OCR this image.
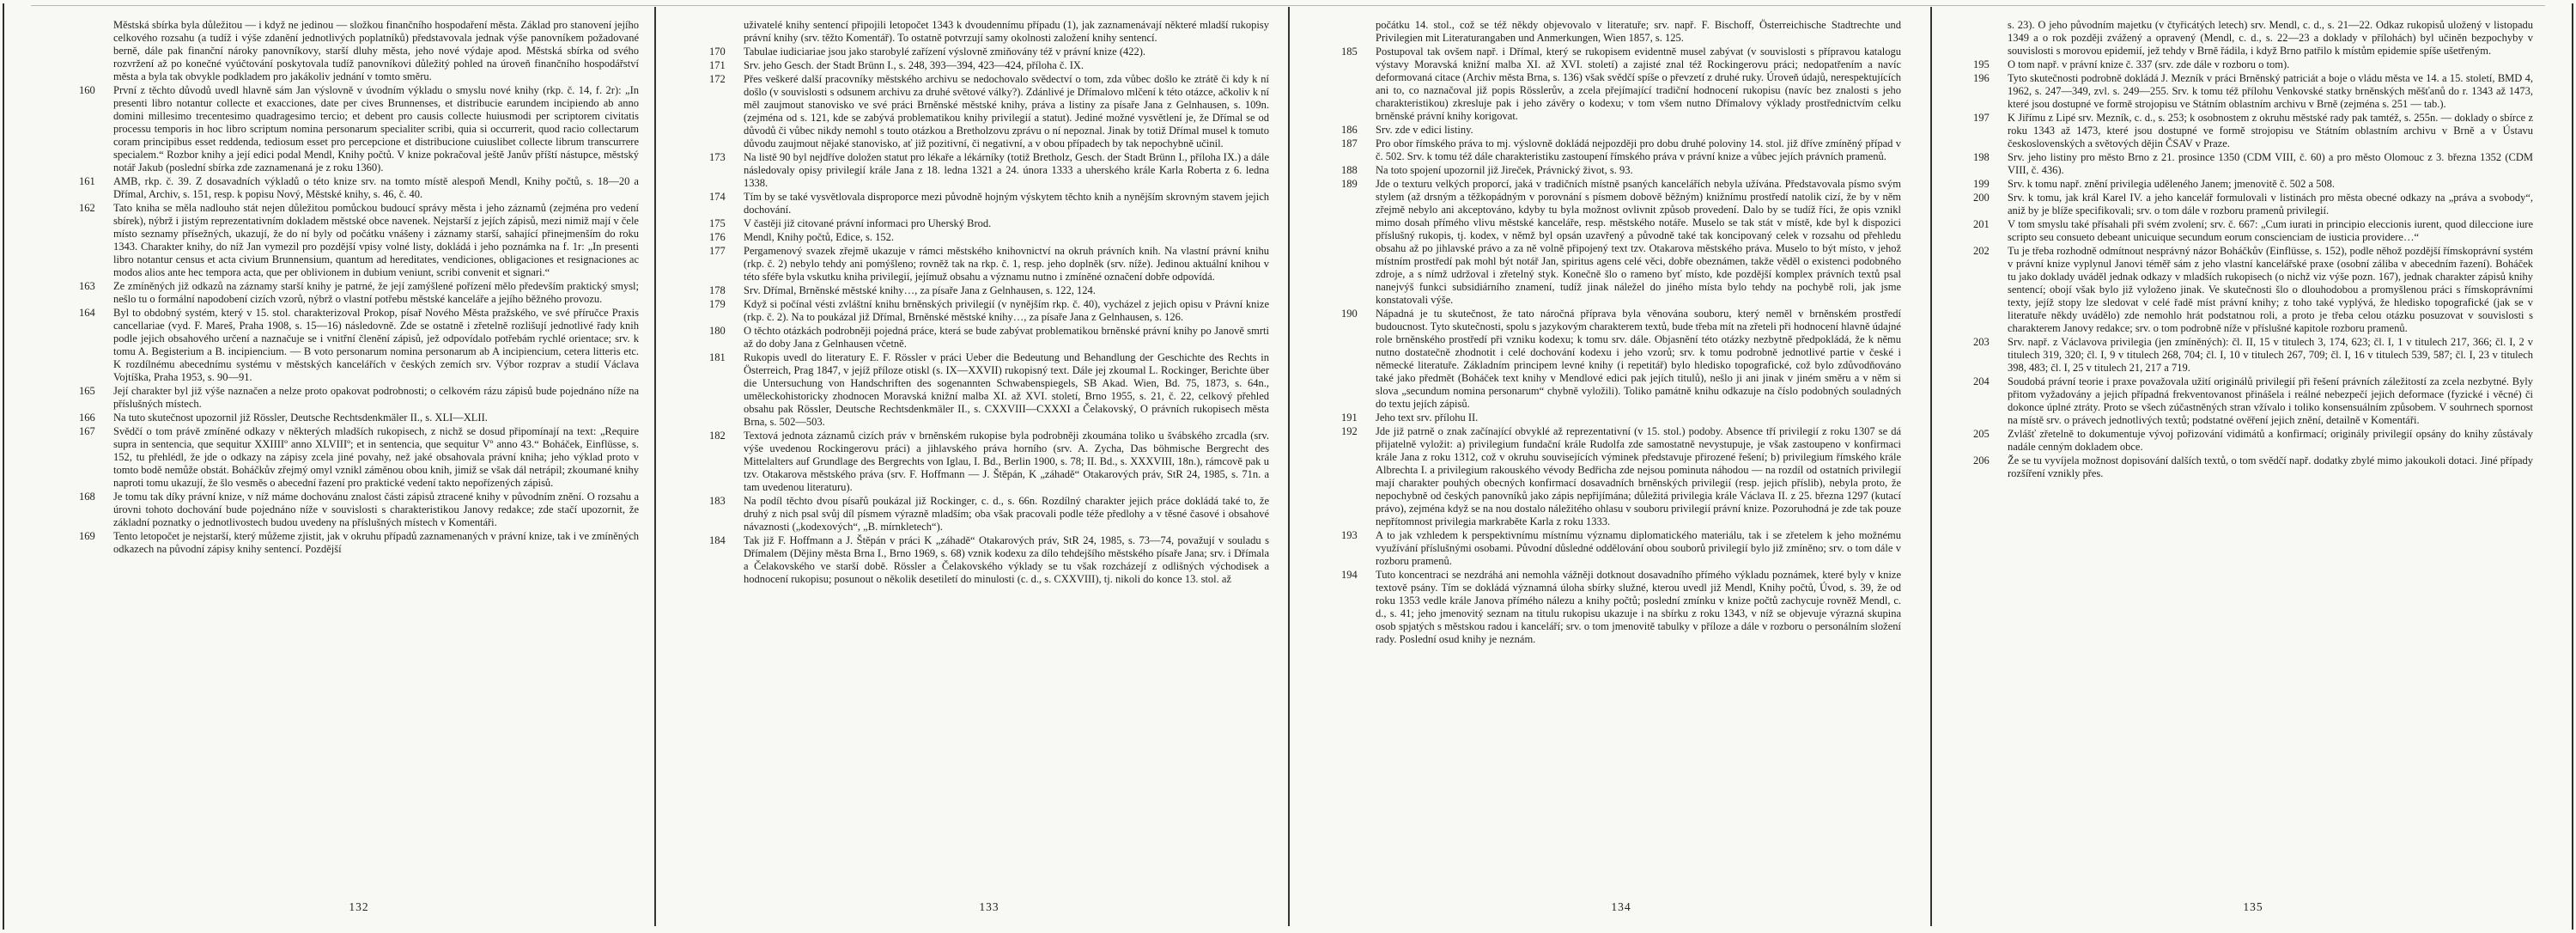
Městská sbírka byla důležitou — i když ne jedinou — složkou finančního hospodaření města. Základ pro stanovení jejího celkového rozsahu (a tudíž i výše zdanění jednotlivých poplatníků) představovala jednak výše panovníkem požadované berně, dále pak finanční nároky panovníkovy, starší dluhy města, jeho nové výdaje apod. Městská sbírka od svého rozvržení až po konečné vyúčtování poskytovala tudíž panovníkovi důležitý pohled na úroveň finančního hospodářství města a byla tak obvykle podkladem pro jakákoliv jednání v tomto směru.

160	První z těchto důvodů uvedl hlavně sám Jan výslovně v úvodním výkladu o smyslu nové knihy (rkp. č. 14, f. 2r): „In presenti libro notantur collecte et exacciones, date per cives Brunnenses, et distribucie earundem incipiendo ab anno domini millesimo trecentesimo quadragesimo tercio; et debent pro causis collecte huiusmodi per scriptorem civitatis processu temporis in hoc libro scriptum nomina personarum specialiter scribi, quia si occurrerit, quod racio collectarum coram principibus esset reddenda, tediosum esset pro percepcione et distribucione cuiuslibet collecte librum transcurrere specialem.“ Rozbor knihy a její edici podal Mendl, Knihy počtů. V knize pokračoval ještě Janův příští nástupce, městský notář Jakub (poslední sbírka zde zaznamenaná je z roku 1360).
161	AMB, rkp. č. 39. Z dosavadních výkladů o této knize srv. na tomto místě alespoň Mendl, Knihy počtů, s. 18—20 a Dřímal, Archiv, s. 151, resp. k popisu Nový, Městské knihy, s. 46, č. 40.
162	Tato kniha se měla nadlouho stát nejen důležitou pomůckou budoucí správy města i jeho záznamů (zejména pro vedení sbírek), nýbrž i jistým reprezentativním dokladem městské obce navenek. Nejstarší z jejích zápisů, mezi nimiž mají v čele místo seznamy přísežných, ukazují, že do ní byly od počátku vnášeny i záznamy starší, sahající přinejmenším do roku 1343. Charakter knihy, do níž Jan vymezil pro pozdější vpisy volné listy, dokládá i jeho poznámka na f. 1r: „In presenti libro notantur census et acta civium Brunnensium, quantum ad hereditates, vendiciones, obligaciones et resignaciones ac modos alios ante hec tempora acta, que per oblivionem in dubium veniunt, scribi convenit et signari.“
163	Ze zmíněných již odkazů na záznamy starší knihy je patrné, že její zamýšlené pořízení mělo především praktický smysl; nešlo tu o formální napodobení cizích vzorů, nýbrž o vlastní potřebu městské kanceláře a jejího běžného provozu.
164	Byl to obdobný systém, který v 15. stol. charakterizoval Prokop, písař Nového Města pražského, ve své příručce Praxis cancellariae (vyd. F. Mareš, Praha 1908, s. 15—16) následovně. Zde se ostatně i zřetelně rozlišují jednotlivé řady knih podle jejich obsahového určení a naznačuje se i vnitřní členění zápisů, jež odpovídalo potřebám rychlé orientace; srv. k tomu A. Begisterium a B. incipiencium. — B voto personarum nomina personarum ab A incipiencium, cetera litteris etc. K rozdílnému abecednímu systému v městských kancelářích v českých zemích srv. Výbor rozprav a studií Václava Vojtíška, Praha 1953, s. 90—91.
165	Její charakter byl již výše naznačen a nelze proto opakovat podrobnosti; o celkovém rázu zápisů bude pojednáno níže na příslušných místech.
166	Na tuto skutečnost upozornil již Rössler, Deutsche Rechtsdenkmäler II., s. XLI—XLII.
167	Svědčí o tom právě zmíněné odkazy v některých mladších rukopisech, z nichž se dosud připomínají na text: „Require supra in sentencia, que sequitur XXIIIIº anno XLVIIIº; et in sentencia, que sequitur Vº anno 43.“ Boháček, Einflüsse, s. 152, tu přehlédl, že jde o odkazy na zápisy zcela jiné povahy, než jaké obsahovala právní kniha; jeho výklad proto v tomto bodě nemůže obstát. Boháčkův zřejmý omyl vznikl záměnou obou knih, jimiž se však dál netrápil; zkoumané knihy naproti tomu ukazují, že šlo vesměs o abecední řazení pro praktické vedení takto nepořízených zápisů.
168	Je tomu tak díky právní knize, v níž máme dochovánu znalost části zápisů ztracené knihy v původním znění. O rozsahu a úrovni tohoto dochování bude pojednáno níže v souvislosti s charakteristikou Janovy redakce; zde stačí upozornit, že základní poznatky o jednotlivostech budou uvedeny na příslušných místech v Komentáři.
169	Tento letopočet je nejstarší, který můžeme zjistit, jak v okruhu případů zaznamenaných v právní knize, tak i ve zmíněných odkazech na původní zápisy knihy sentencí. Pozdější
132

uživatelé knihy sentencí připojili letopočet 1343 k dvoudennímu případu (1), jak zaznamenávají některé mladší rukopisy právní knihy (srv. těžto Komentář). To ostatně potvrzují samy okolnosti založení knihy sentencí.

170	Tabulae iudiciariae jsou jako starobylé zařízení výslovně zmiňovány též v právní knize (422).
171	Srv. jeho Gesch. der Stadt Brünn I., s. 248, 393—394, 423—424, příloha č. IX.
172	Přes veškeré další pracovníky městského archivu se nedochovalo svědectví o tom, zda vůbec došlo ke ztrátě či kdy k ní došlo (v souvislosti s odsunem archivu za druhé světové války?). Zdánlivé je Dřímalovo mlčení k této otázce, ačkoliv k ní měl zaujmout stanovisko ve své práci Brněnské městské knihy, práva a listiny za písaře Jana z Gelnhausen, s. 109n. (zejména od s. 121, kde se zabývá problematikou knihy privilegií a statut). Jediné možné vysvětlení je, že Dřímal se od důvodů či vůbec nikdy nemohl s touto otázkou a Bretholzovu zprávu o ní nepoznal. Jinak by totiž Dřímal musel k tomuto důvodu zaujmout nějaké stanovisko, ať již pozitivní, či negativní, a v obou případech by tak nepochybně učinil.
173	Na listě 90 byl nejdříve doložen statut pro lékaře a lékárníky (totiž Bretholz, Gesch. der Stadt Brünn I., příloha IX.) a dále následovaly opisy privilegií krále Jana z 18. ledna 1321 a 24. února 1333 a uherského krále Karla Roberta z 6. ledna 1338.
174	Tím by se také vysvětlovala disproporce mezi původně hojným výskytem těchto knih a nynějším skrovným stavem jejich dochování.
175	V častěji již citované právní informaci pro Uherský Brod.
176	Mendl, Knihy počtů, Edice, s. 152.
177	Pergamenový svazek zřejmě ukazuje v rámci městského knihovnictví na okruh právních knih. Na vlastní právní knihu (rkp. č. 2) nebylo tehdy ani pomýšleno; rovněž tak na rkp. č. 1, resp. jeho doplněk (srv. níže). Jedinou aktuální knihou v této sféře byla vskutku kniha privilegií, jejímuž obsahu a významu nutno i zmíněné označení dobře odpovídá.
178	Srv. Dřímal, Brněnské městské knihy…, za písaře Jana z Gelnhausen, s. 122, 124.
179	Když si počínal vésti zvláštní knihu brněnských privilegií (v nynějším rkp. č. 40), vycházel z jejich opisu v Právní knize (rkp. č. 2). Na to poukázal již Dřímal, Brněnské městské knihy…, za písaře Jana z Gelnhausen, s. 126.
180	O těchto otázkách podrobněji pojedná práce, která se bude zabývat problematikou brněnské právní knihy po Janově smrti až do doby Jana z Gelnhausen včetně.
181	Rukopis uvedl do literatury E. F. Rössler v práci Ueber die Bedeutung und Behandlung der Geschichte des Rechts in Österreich, Prag 1847, v jejíž příloze otiskl (s. IX—XXVII) rukopisný text. Dále jej zkoumal L. Rockinger, Berichte über die Untersuchung von Handschriften des sogenannten Schwabenspiegels, SB Akad. Wien, Bd. 75, 1873, s. 64n., uměleckohistoricky zhodnocen Moravská knižní malba XI. až XVI. století, Brno 1955, s. 21, č. 22, celkový přehled obsahu pak Rössler, Deutsche Rechtsdenkmäler II., s. CXXVIII—CXXXI a Čelakovský, O právních rukopisech města Brna, s. 502—503.
182	Textová jednota záznamů cizích práv v brněnském rukopise byla podrobněji zkoumána toliko u švábského zrcadla (srv. výše uvedenou Rockingerovu práci) a jihlavského práva horního (srv. A. Zycha, Das böhmische Bergrecht des Mittelalters auf Grundlage des Bergrechts von Iglau, I. Bd., Berlin 1900, s. 78; II. Bd., s. XXXVIII, 18n.), rámcově pak u tzv. Otakarova městského práva (srv. F. Hoffmann — J. Štěpán, K „záhadě“ Otakarových práv, StR 24, 1985, s. 71n. a tam uvedenou literaturu).
183	Na podíl těchto dvou písařů poukázal již Rockinger, c. d., s. 66n. Rozdílný charakter jejich práce dokládá také to, že druhý z nich psal svůj díl písmem výrazně mladším; oba však pracovali podle téže předlohy a v těsné časové i obsahové návaznosti („kodexových“, „B. mírnkletech“).
184	Tak již F. Hoffmann a J. Štěpán v práci K „záhadě“ Otakarových práv, StR 24, 1985, s. 73—74, považují v souladu s Dřímalem (Dějiny města Brna I., Brno 1969, s. 68) vznik kodexu za dílo tehdejšího městského písaře Jana; srv. i Dřímala a Čelakovského ve starší době. Rössler a Čelakovského výklady se tu však rozcházejí z odlišných východisek a hodnocení rukopisu; posunout o několik desetiletí do minulosti (c. d., s. CXXVIII), tj. nikoli do konce 13. stol. až
133

počátku 14. stol., což se též někdy objevovalo v literatuře; srv. např. F. Bischoff, Österreichische Stadtrechte und Privilegien mit Literaturangaben und Anmerkungen, Wien 1857, s. 125.

185	Postupoval tak ovšem např. i Dřímal, který se rukopisem evidentně musel zabývat (v souvislosti s přípravou katalogu výstavy Moravská knižní malba XI. až XVI. století) a zajisté znal též Rockingerovu práci; nedopatřením a navíc deformovaná citace (Archiv města Brna, s. 136) však svědčí spíše o převzetí z druhé ruky. Úroveň údajů, nerespektujících ani to, co naznačoval již popis Rösslerův, a zcela přejímající tradiční hodnocení rukopisu (navíc bez znalosti s jeho charakteristikou) zkresluje pak i jeho závěry o kodexu; v tom všem nutno Dřímalovy výklady prostřednictvím celku brněnské právní knihy korigovat.
186	Srv. zde v edici listiny.
187	Pro obor římského práva to mj. výslovně dokládá nejpozději pro dobu druhé poloviny 14. stol. již dříve zmíněný případ v č. 502. Srv. k tomu též dále charakteristiku zastoupení římského práva v právní knize a vůbec jejích právních pramenů.
188	Na toto spojení upozornil již Jireček, Právnický život, s. 93.
189	Jde o texturu velkých proporcí, jaká v tradičních místně psaných kancelářích nebyla užívána. Představovala písmo svým stylem (až drsným a těžkopádným v porovnání s písmem dobově běžným) knižnímu prostředí natolik cizí, že by v něm zřejmě nebylo ani akceptováno, kdyby tu byla možnost ovlivnit způsob provedení. Dalo by se tudíž říci, že opis vznikl mimo dosah přímého vlivu městské kanceláře, resp. městského notáře. Muselo se tak stát v místě, kde byl k dispozici příslušný rukopis, tj. kodex, v němž byl opsán uzavřený a původně také tak koncipovaný celek v rozsahu od přehledu obsahu až po jihlavské právo a za ně volně připojený text tzv. Otakarova městského práva. Muselo to být místo, v jehož místním prostředí pak mohl být notář Jan, spiritus agens celé věci, dobře obeznámen, takže věděl o existenci podobného zdroje, a s nímž udržoval i zřetelný styk. Konečně šlo o rameno byť místo, kde pozdější komplex právních textů psal nanejvýš funkci subsidiárního znamení, tudíž jinak náležel do jiného místa bylo tehdy na pochybě roli, jak jsme konstatovali výše.
190	Nápadná je tu skutečnost, že tato náročná příprava byla věnována souboru, který neměl v brněnském prostředí budoucnost. Tyto skutečnosti, spolu s jazykovým charakterem textů, bude třeba mít na zřeteli při hodnocení hlavně údajné role brněnského prostředí při vzniku kodexu; k tomu srv. dále. Objasnění této otázky nezbytně předpokládá, že k němu nutno dostatečně zhodnotit i celé dochování kodexu i jeho vzorů; srv. k tomu podrobně jednotlivé partie v české i německé literatuře. Základním principem levné knihy (i repetitář) bylo hledisko topografické, což bylo zdůvodňováno také jako předmět (Boháček text knihy v Mendlové edici pak jejích titulů), nešlo ji ani jinak v jiném směru a v něm si slova „secundum nomina personarum“ chybně vyložili). Toliko památně knihu odkazuje na číslo podobných souladných do textu jejích zápisů.
191	Jeho text srv. přílohu II.
192	Jde již patrně o znak začínající obvyklé až reprezentativní (v 15. stol.) podoby. Absence tří privilegií z roku 1307 se dá přijatelně vyložit: a) privilegium fundační krále Rudolfa zde samostatně nevystupuje, je však zastoupeno v konfirmaci krále Jana z roku 1312, což v okruhu souvisejících výminek představuje přirozené řešení; b) privilegium římského krále Albrechta I. a privilegium rakouského vévody Bedřicha zde nejsou pominuta náhodou — na rozdíl od ostatních privilegií mají charakter pouhých obecných konfirmací dosavadních brněnských privilegií (resp. jejich příslib), nebyla proto, že nepochybně od českých panovníků jako zápis nepřijímána; důležitá privilegia krále Václava II. z 25. března 1297 (kutací právo), zejména když se na nou dostalo náležitého ohlasu v souboru privilegií právní knize. Pozoruhodná je zde tak pouze nepřítomnost privilegia markraběte Karla z roku 1333.
193	A to jak vzhledem k perspektivnímu místnímu významu diplomatického materiálu, tak i se zřetelem k jeho možnému využívání příslušnými osobami. Původní důsledné oddělování obou souborů privilegií bylo již zmíněno; srv. o tom dále v rozboru pramenů.
194	Tuto koncentraci se nezdráhá ani nemohla vážněji dotknout dosavadního přímého výkladu poznámek, které byly v knize textově psány. Tím se dokládá významná úloha sbírky služné, kterou uvedl již Mendl, Knihy počtů, Úvod, s. 39, že od roku 1353 vedle krále Janova přímého nálezu a knihy počtů; poslední zmínku v knize počtů zachycuje rovněž Mendl, c. d., s. 41; jeho jmenovitý seznam na titulu rukopisu ukazuje i na sbírku z roku 1343, v níž se objevuje výrazná skupina osob spjatých s městskou radou i kanceláří; srv. o tom jmenovitě tabulky v příloze a dále v rozboru o personálním složení rady. Poslední osud knihy je neznám.
134

s. 23). O jeho původním majetku (v čtyřicátých letech) srv. Mendl, c. d., s. 21—22. Odkaz rukopisů uložený v listopadu 1349 a o rok později zvážený a opravený (Mendl, c. d., s. 22—23 a doklady v přílohách) byl učiněn bezpochyby v souvislosti s morovou epidemií, jež tehdy v Brně řádila, i když Brno patřilo k místům epidemie spíše ušetřeným.

195	O tom např. v právní knize č. 337 (srv. zde dále v rozboru o tom).
196	Tyto skutečnosti podrobně dokládá J. Mezník v práci Brněnský patriciát a boje o vládu města ve 14. a 15. století, BMD 4, 1962, s. 247—349, zvl. s. 249—255. Srv. k tomu též přílohu Venkovské statky brněnských měšťanů do r. 1343 až 1473, které jsou dostupné ve formě strojopisu ve Státním oblastním archivu v Brně (zejména s. 251 — tab.).
197	K Jiřímu z Lipé srv. Mezník, c. d., s. 253; k osobnostem z okruhu městské rady pak tamtéž, s. 255n. — doklady o sbírce z roku 1343 až 1473, které jsou dostupné ve formě strojopisu ve Státním oblastním archivu v Brně a v Ústavu československých a světových dějin ČSAV v Praze.
198	Srv. jeho listiny pro město Brno z 21. prosince 1350 (CDM VIII, č. 60) a pro město Olomouc z 3. března 1352 (CDM VIII, č. 436).
199	Srv. k tomu např. znění privilegia uděleného Janem; jmenovitě č. 502 a 508.
200	Srv. k tomu, jak král Karel IV. a jeho kancelář formulovali v listinách pro města obecné odkazy na „práva a svobody“, aniž by je blíže specifikovali; srv. o tom dále v rozboru pramenů privilegií.
201	V tom smyslu také přísahali při svém zvolení; srv. č. 667: „Cum iurati in principio eleccionis iurent, quod dileccione iure scripto seu consueto debeant unicuique secundum eorum conscienciam de iusticia providere…“
202	Tu je třeba rozhodně odmítnout nesprávný názor Boháčkův (Einflüsse, s. 152), podle něhož pozdější římskoprávní systém v právní knize vyplynul Janovi téměř sám z jeho vlastní kancelářské praxe (osobní záliba v abecedním řazení). Boháček tu jako doklady uváděl jednak odkazy v mladších rukopisech (o nichž viz výše pozn. 167), jednak charakter zápisů knihy sentencí; obojí však bylo již vyloženo jinak. Ve skutečnosti šlo o dlouhodobou a promyšlenou práci s římskoprávními texty, jejíž stopy lze sledovat v celé řadě míst právní knihy; z toho také vyplývá, že hledisko topografické (jak se v literatuře někdy uvádělo) zde nemohlo hrát podstatnou roli, a proto je třeba celou otázku posuzovat v souvislosti s charakterem Janovy redakce; srv. o tom podrobně níže v příslušné kapitole rozboru pramenů.
203	Srv. např. z Václavova privilegia (jen zmíněných): čl. II, 15 v titulech 3, 174, 623; čl. I, 1 v titulech 217, 366; čl. I, 2 v titulech 319, 320; čl. I, 9 v titulech 268, 704; čl. I, 10 v titulech 267, 709; čl. I, 16 v titulech 539, 587; čl. I, 23 v titulech 398, 483; čl. I, 25 v titulech 21, 217 a 719.
204	Soudobá právní teorie i praxe považovala užití originálů privilegií při řešení právních záležitostí za zcela nezbytné. Byly přitom vyžadovány a jejich případná frekventovanost přinášela i reálné nebezpečí jejich deformace (fyzické i věcné) či dokonce úplné ztráty. Proto se všech zúčastněných stran vžívalo i toliko konsensuálním způsobem. V souhrnech spornost na místě srv. o právech jednotlivých textů; podstatné ověření jejich znění, detailně v Komentáři.
205	Zvlášť zřetelně to dokumentuje vývoj pořizování vidimátů a konfirmací; originály privilegií opsány do knihy zůstávaly nadále cenným dokladem obce.
206	Že se tu vyvíjela možnost dopisování dalších textů, o tom svědčí např. dodatky zbylé mimo jakoukoli dotaci. Jiné případy rozšíření vznikly přes.
135
